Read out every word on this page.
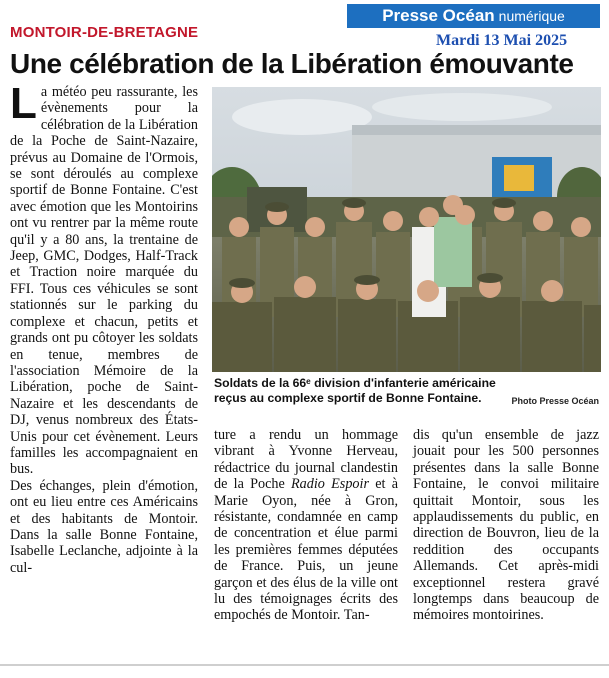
MONTOIR-DE-BRETAGNE
Presse Océan numérique
Mardi 13 Mai 2025
Une célébration de la Libération émouvante

La météo peu rassurante, les évènements pour la célébration de la Libération de la Poche de Saint-Nazaire, prévus au Domaine de l'Ormois, se sont déroulés au complexe sportif de Bonne Fontaine. C'est avec émotion que les Montoirins ont vu rentrer par la même route qu'il y a 80 ans, la trentaine de Jeep, GMC, Dodges, Half-Track et Traction noire marquée du FFI. Tous ces véhicules se sont stationnés sur le parking du complexe et chacun, petits et grands ont pu côtoyer les soldats en tenue, membres de l'association Mémoire de la Libération, poche de Saint-Nazaire et les descendants de DJ, venus nombreux des États-Unis pour cet évènement. Leurs familles les accompagnaient en bus.

Des échanges, plein d'émotion, ont eu lieu entre ces Américains et des habitants de Montoir. Dans la salle Bonne Fontaine, Isabelle Leclanche, adjointe à la cul-

Soldats de la 66ᵉ division d'infanterie américaine reçus au complexe sportif de Bonne Fontaine.	Photo Presse Océan

ture a rendu un hommage vibrant à Yvonne Herveau, rédactrice du journal clandestin de la Poche Radio Espoir et à Marie Oyon, née à Gron, résistante, condamnée en camp de concentration et élue parmi les premières femmes députées de France. Puis, un jeune garçon et des élus de la ville ont lu des témoignages écrits des empochés de Montoir. Tan-

dis qu'un ensemble de jazz jouait pour les 500 personnes présentes dans la salle Bonne Fontaine, le convoi militaire quittait Montoir, sous les applaudissements du public, en direction de Bouvron, lieu de la reddition des occupants Allemands. Cet après-midi exceptionnel restera gravé longtemps dans beaucoup de mémoires montoirines.
